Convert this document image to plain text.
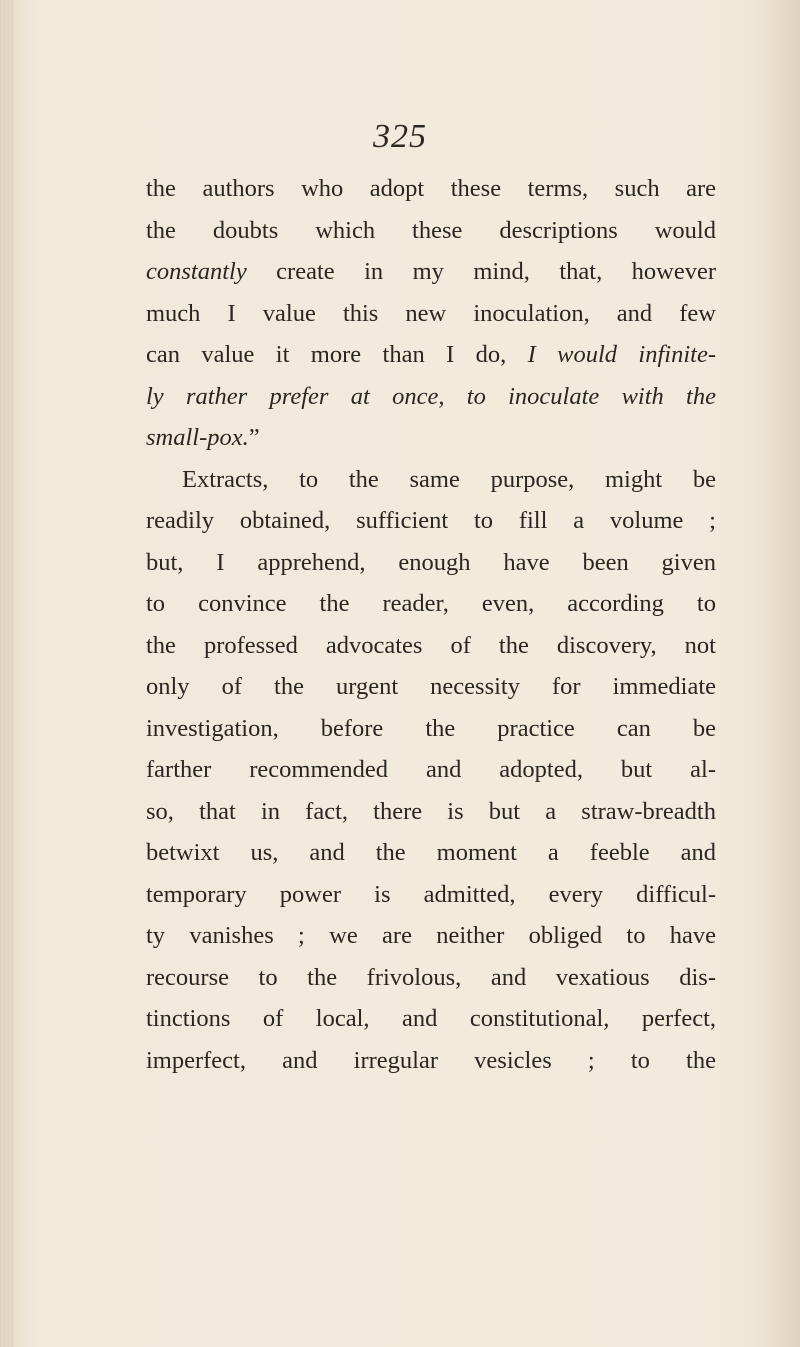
325
the authors who adopt these terms, such are
the doubts which these descriptions would
constantly create in my mind, that, however
much I value this new inoculation, and few
can value it more than I do, I would infinite-
ly rather prefer at once, to inoculate with the
small-pox.”
Extracts, to the same purpose, might be
readily obtained, sufficient to fill a volume ;
but, I apprehend, enough have been given
to convince the reader, even, according to
the professed advocates of the discovery, not
only of the urgent necessity for immediate
investigation, before the practice can be
farther recommended and adopted, but al-
so, that in fact, there is but a straw-breadth
betwixt us, and the moment a feeble and
temporary power is admitted, every difficul-
ty vanishes ; we are neither obliged to have
recourse to the frivolous, and vexatious dis-
tinctions of local, and constitutional, perfect,
imperfect, and irregular vesicles ; to the
